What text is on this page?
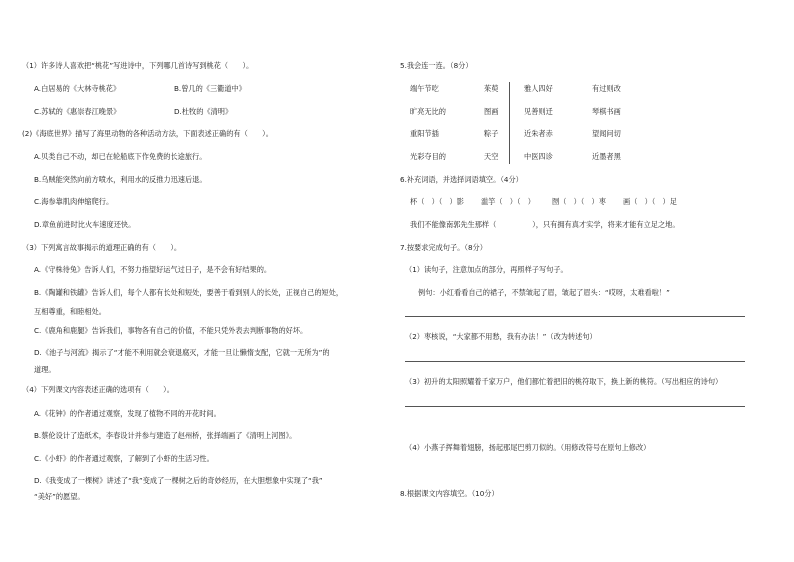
（1）许多诗人喜欢把“桃花”写进诗中，下列哪几首诗写到桃花（　　）。
A.白居易的《大林寺桃花》	B.曾几的《三衢道中》
C.苏轼的《惠崇春江晚景》	D.杜牧的《清明》
(2)《海底世界》描写了海里动物的各种活动方法，下面表述正确的有（　　）。
A.贝类自己不动，却已在轮船底下作免费的长途旅行。
B.乌贼能突然向前方喷水，利用水的反推力迅速后退。
C.海参靠肌肉伸缩爬行。
D.章鱼前进时比火车速度还快。
（3）下列寓言故事揭示的道理正确的有（　　）。
A.《守株待兔》告诉人们，不努力指望好运气过日子，是不会有好结果的。
B.《陶罐和铁罐》告诉人们，每个人都有长处和短处，要善于看到别人的长处，正视自己的短处，
互相尊重，和睦相处。
C.《鹿角和鹿腿》告诉我们，事物各有自己的价值，不能只凭外表去判断事物的好坏。
D.《池子与河流》揭示了“才能不利用就会衰退腐灭，才能一旦让懒惰支配，它就一无所为”的
道理。
（4）下列课文内容表述正确的选项有（　　）。
A.《花钟》的作者通过观察，发现了植物不同的开花时间。
B.蔡伦设计了造纸术，李春设计并参与建造了赵州桥，张择端画了《清明上河图》。
C.《小虾》的作者通过观察，了解到了小虾的生活习性。
D.《我变成了一棵树》讲述了“我”变成了一棵树之后的奇妙经历，在大胆想象中实现了“我”
“美好”的愿望。
5.我会连一连。（8分）
端午节吃
旷亮无比的
重阳节插
光彩夺目的
茱萸
图画
粽子
天空
雅人四好
见善则迁
近朱者赤
中医四诊
有过则改
琴棋书画
望闻问切
近墨者黑
6.补充词语，并选择词语填空。（4分）
杯（　）（　）影 滥竽（　）（　） 囫（　）（　）枣 画（　）（　）足
我们不能像南郭先生那样（　　　　　），只有拥有真才实学，将来才能有立足之地。
7.按要求完成句子。（8分）
（1）读句子，注意加点的部分，再照样子写句子。
例句：小红看看自己的裙子，不禁皱起了眉，皱起了眉头：“哎呀，太难看啦！”
（2）枣核说，“大家都不用愁，我有办法！”（改为转述句）
（3）初升的太阳照耀着千家万户，他们都忙着把旧的桃符取下，换上新的桃符。（写出相应的诗句）
（4）小燕子挥舞着翅膀，扬起那尾巴剪刀似的。（用修改符号在原句上修改）
8.根据课文内容填空。（10分）
